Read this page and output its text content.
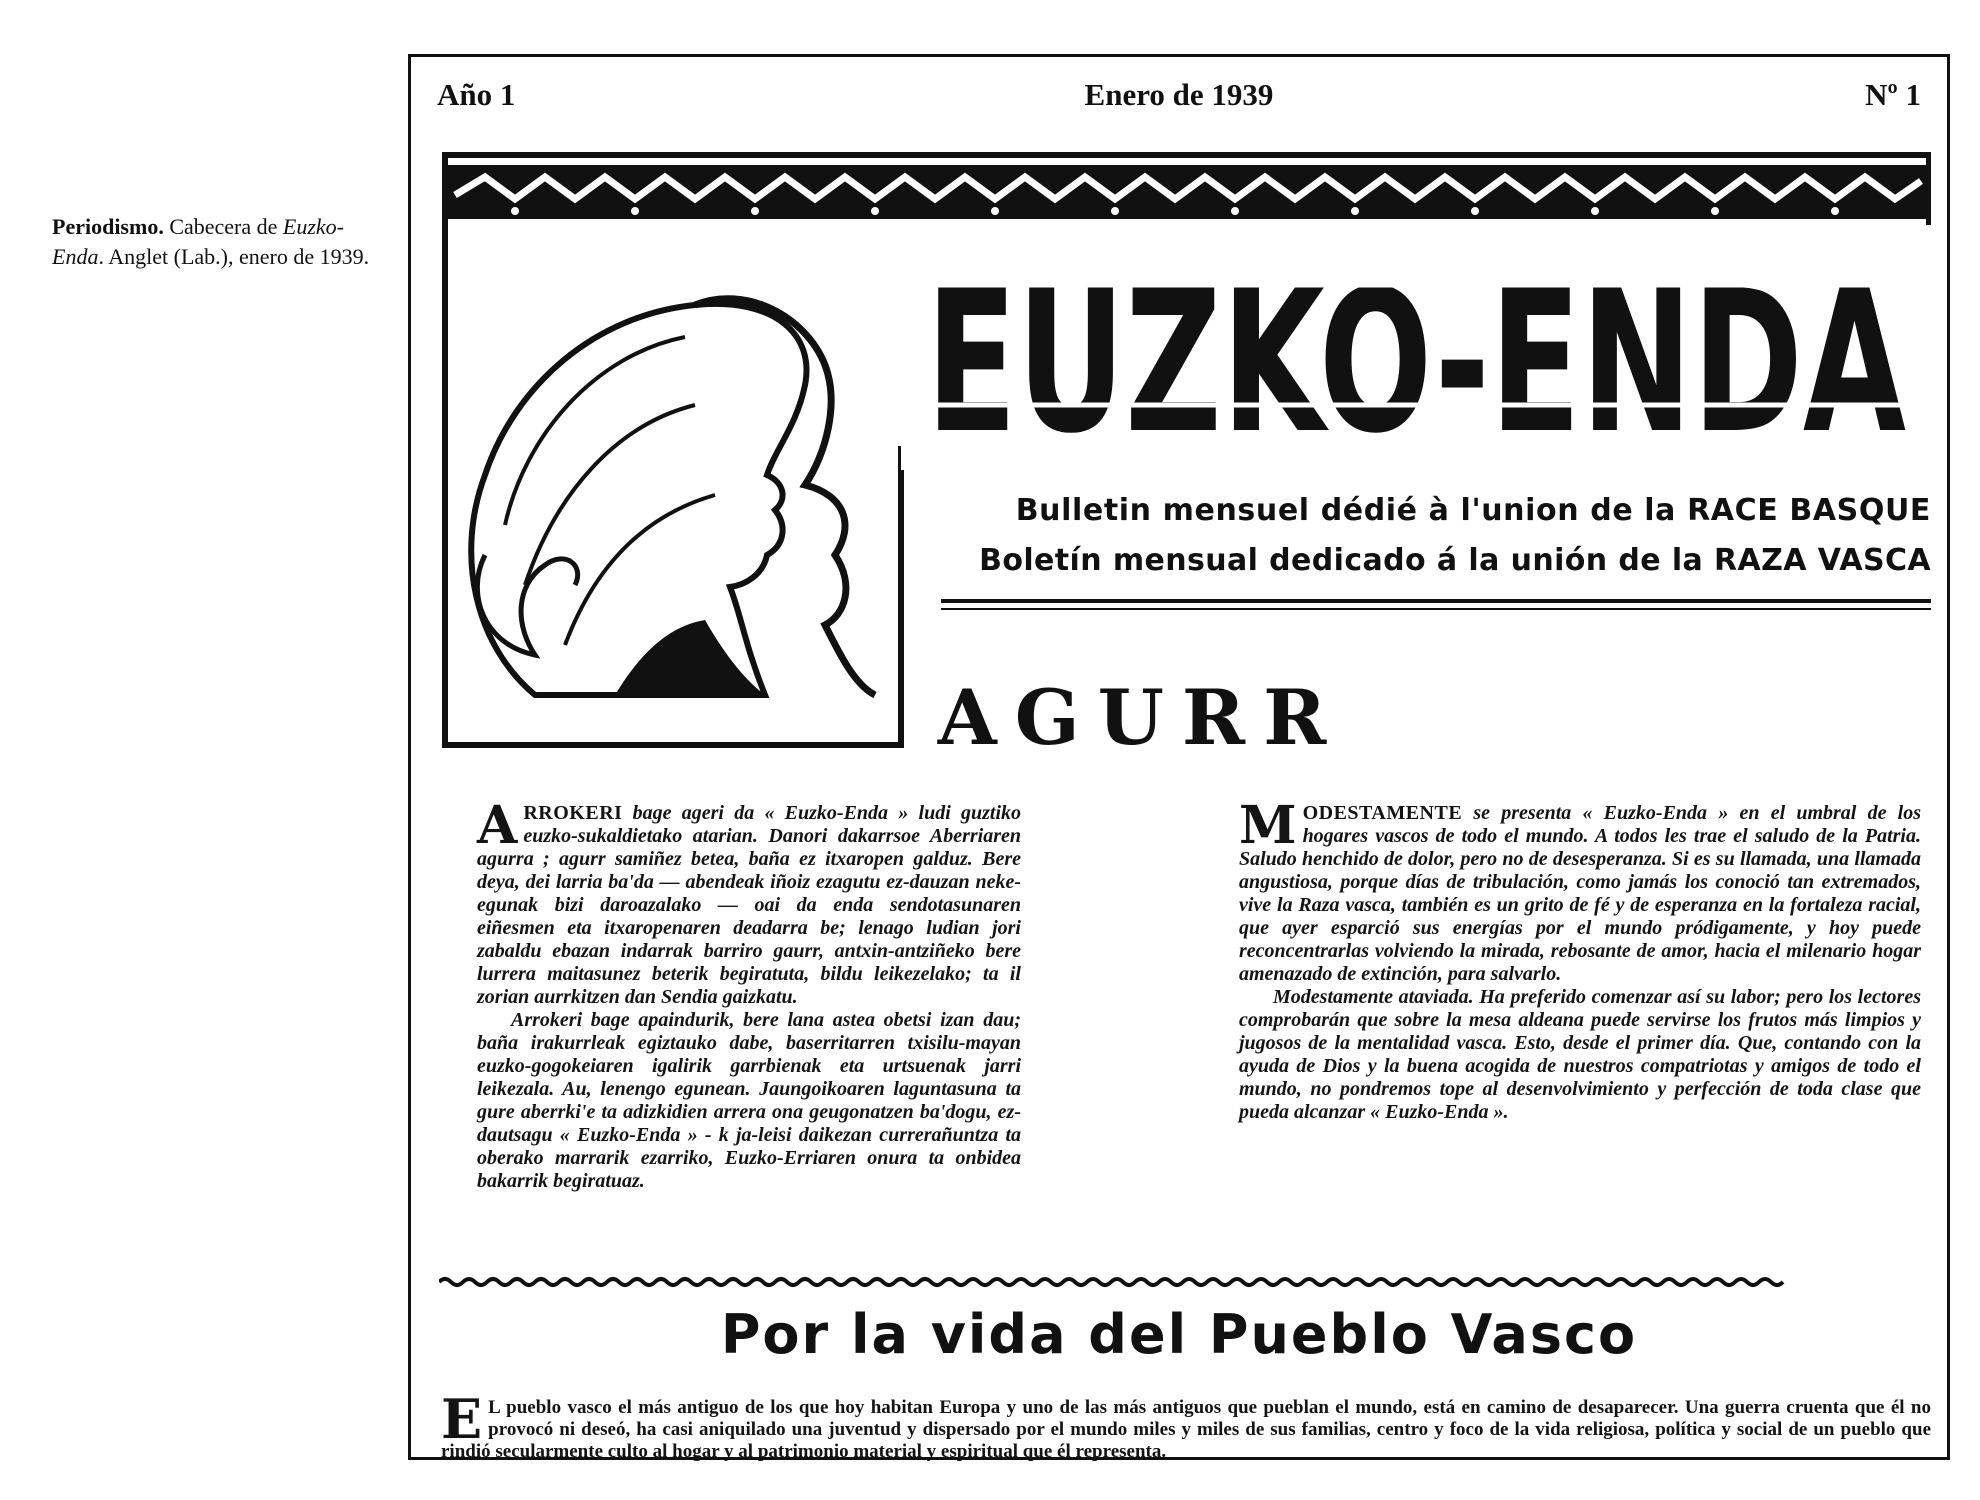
Periodismo. Cabecera de Euzko-Enda. Anglet (Lab.), enero de 1939.
Año 1	Enero de 1939	Nº 1
EUZKO-ENDA
Bulletin mensuel dédié à l'union de la RACE BASQUE
Boletín mensual dedicado á la unión de la RAZA VASCA
AGURR

ARROKERI bage ageri da « Euzko-Enda » ludi guztiko euzko-sukaldietako atarian. Danori dakarrsoe Aberriaren agurra ; agurr samiñez betea, baña ez itxaropen galduz. Bere deya, dei larria ba'da — abendeak iñoiz ezagutu ez-dauzan neke-egunak bizi daroazalako — oai da enda sendotasunaren eiñesmen eta itxaropenaren deadarra be; lenago ludian jori zabaldu ebazan indarrak barriro gaurr, antxin-antziñeko bere lurrera maitasunez beterik begiratuta, bildu leikezelako; ta il zorian aurrkitzen dan Sendia gaizkatu.

Arrokeri bage apaindurik, bere lana astea obetsi izan dau; baña irakurrleak egiztauko dabe, baserritarren txisilu-mayan euzko-gogokeiaren igalirik garrbienak eta urtsuenak jarri leikezala. Au, lenengo egunean. Jaungoikoaren laguntasuna ta gure aberrki'e ta adizkidien arrera ona geugonatzen ba'dogu, ez-dautsagu « Euzko-Enda » - k ja-leisi daikezan currerañuntza ta oberako marrarik ezarriko, Euzko-Erriaren onura ta onbidea bakarrik begiratuaz.

MODESTAMENTE se presenta « Euzko-Enda » en el umbral de los hogares vascos de todo el mundo. A todos les trae el saludo de la Patria. Saludo henchido de dolor, pero no de desesperanza. Si es su llamada, una llamada angustiosa, porque días de tribulación, como jamás los conoció tan extremados, vive la Raza vasca, también es un grito de fé y de esperanza en la fortaleza racial, que ayer esparció sus energías por el mundo pródigamente, y hoy puede reconcentrarlas volviendo la mirada, rebosante de amor, hacia el milenario hogar amenazado de extinción, para salvarlo.

Modestamente ataviada. Ha preferido comenzar así su labor; pero los lectores comprobarán que sobre la mesa aldeana puede servirse los frutos más limpios y jugosos de la mentalidad vasca. Esto, desde el primer día. Que, contando con la ayuda de Dios y la buena acogida de nuestros compatriotas y amigos de todo el mundo, no pondremos tope al desenvolvimiento y perfección de toda clase que pueda alcanzar « Euzko-Enda ».

Por la vida del Pueblo Vasco
E L pueblo vasco el más antiguo de los que hoy habitan Europa y uno de las más antiguos que pueblan el mundo, está en camino de desaparecer. Una guerra cruenta que él no provocó ni deseó, ha casi aniquilado una juventud y dispersado por el mundo miles y miles de sus familias, centro y foco de la vida religiosa, política y social de un pueblo que rindió secularmente culto al hogar y al patrimonio material y espiritual que él representa.
